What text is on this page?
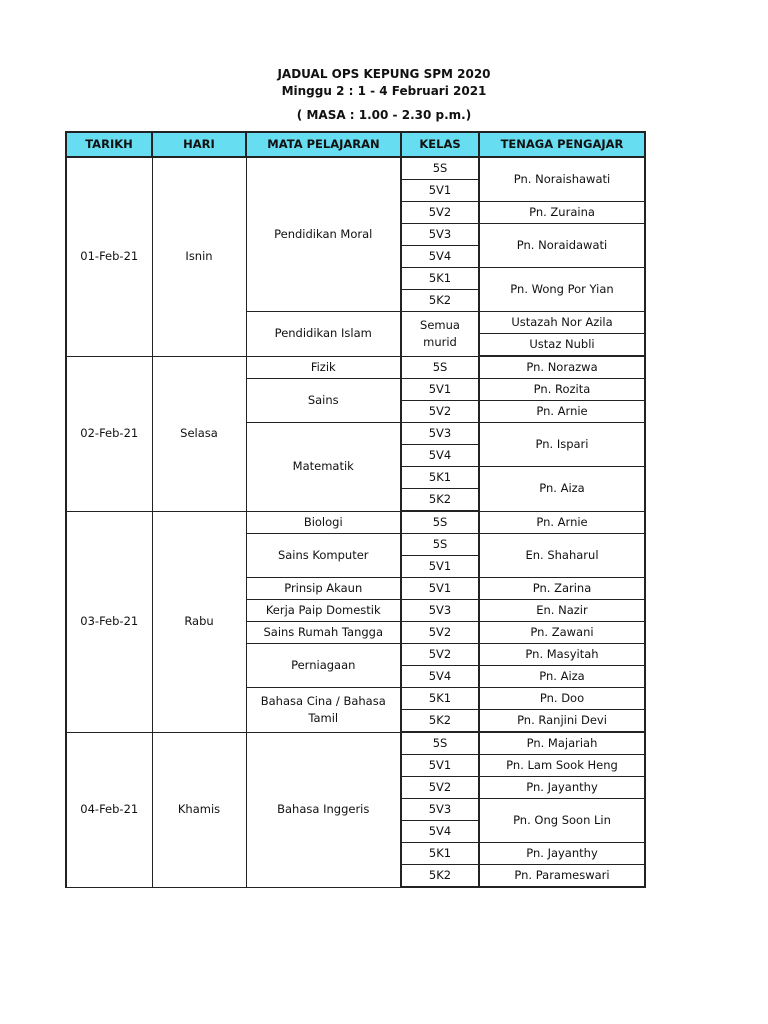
JADUAL OPS KEPUNG SPM 2020
Minggu 2 : 1 - 4 Februari 2021
( MASA : 1.00 - 2.30 p.m.)
TARIKH	HARI	MATA PELAJARAN	KELAS	TENAGA PENGAJAR
01-Feb-21	Isnin	Pendidikan Moral	5S	Pn. Noraishawati
			5V1	
			5V2	Pn. Zuraina
			5V3	Pn. Noraidawati
			5V4	
			5K1	Pn. Wong Por Yian
			5K2	
		Pendidikan Islam	Semua murid	Ustazah Nor Azila
				Ustaz Nubli
02-Feb-21	Selasa	Fizik	5S	Pn. Norazwa
		Sains	5V1	Pn. Rozita
			5V2	Pn. Arnie
		Matematik	5V3	Pn. Ispari
			5V4	
			5K1	Pn. Aiza
			5K2	
03-Feb-21	Rabu	Biologi	5S	Pn. Arnie
		Sains Komputer	5S	En. Shaharul
			5V1	
		Prinsip Akaun	5V1	Pn. Zarina
		Kerja Paip Domestik	5V3	En. Nazir
		Sains Rumah Tangga	5V2	Pn. Zawani
		Perniagaan	5V2	Pn. Masyitah
			5V4	Pn. Aiza
		Bahasa Cina / Bahasa Tamil	5K1	Pn. Doo
			5K2	Pn. Ranjini Devi
04-Feb-21	Khamis	Bahasa Inggeris	5S	Pn. Majariah
			5V1	Pn. Lam Sook Heng
			5V2	Pn. Jayanthy
			5V3	Pn. Ong Soon Lin
			5V4	
			5K1	Pn. Jayanthy
			5K2	Pn. Parameswari
